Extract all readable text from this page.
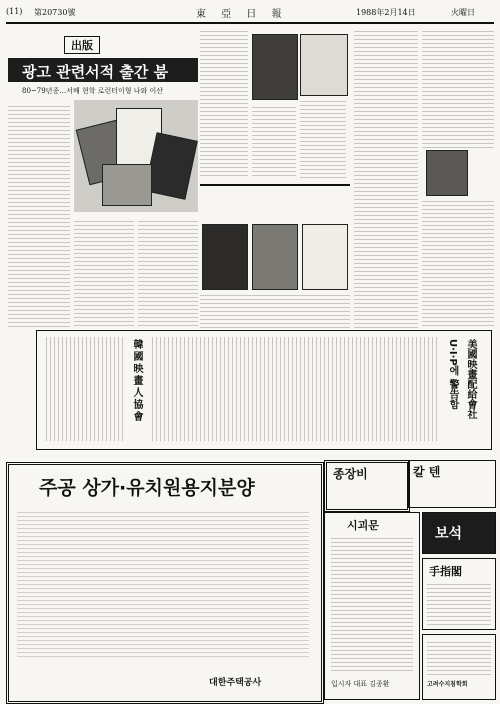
(11) 第20730號	東 亞 日 報	1988年2月14日	火曜日
出版
광고 관련서적 출간 붐
80~79년종…서배 현학 로런터이형 나와 이산
韓國映畫人協會	美國映畫配給會社
U·I·P에 警告함
주공 상가·유치원용지분양
대한주택공사
종장비	칼 텐
시괴문
입시자 대표 김종환
보석
手指閣
고려수지침학회
